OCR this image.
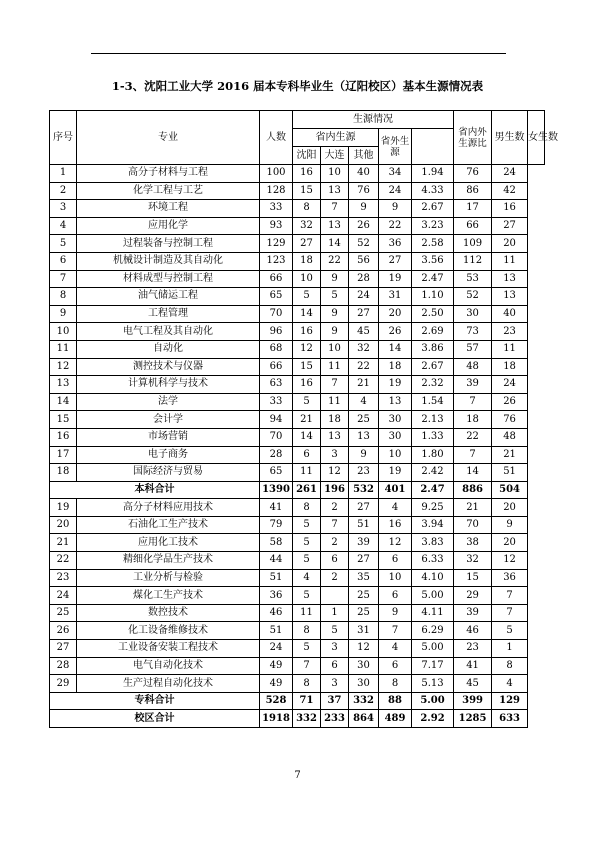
1-3、沈阳工业大学 2016 届本专科毕业生（辽阳校区）基本生源情况表
序号	专业	人数	生源情况					省内外生源比	男生数	女生数
			省内生源			省外生源				
			沈阳	大连	其他					
1	高分子材料与工程	100	16	10	40	34	1.94	76	24	
2	化学工程与工艺	128	15	13	76	24	4.33	86	42	
3	环境工程	33	8	7	9	9	2.67	17	16	
4	应用化学	93	32	13	26	22	3.23	66	27	
5	过程装备与控制工程	129	27	14	52	36	2.58	109	20	
6	机械设计制造及其自动化	123	18	22	56	27	3.56	112	11	
7	材料成型与控制工程	66	10	9	28	19	2.47	53	13	
8	油气储运工程	65	5	5	24	31	1.10	52	13	
9	工程管理	70	14	9	27	20	2.50	30	40	
10	电气工程及其自动化	96	16	9	45	26	2.69	73	23	
11	自动化	68	12	10	32	14	3.86	57	11	
12	测控技术与仪器	66	15	11	22	18	2.67	48	18	
13	计算机科学与技术	63	16	7	21	19	2.32	39	24	
14	法学	33	5	11	4	13	1.54	7	26	
15	会计学	94	21	18	25	30	2.13	18	76	
16	市场营销	70	14	13	13	30	1.33	22	48	
17	电子商务	28	6	3	9	10	1.80	7	21	
18	国际经济与贸易	65	11	12	23	19	2.42	14	51	
本科合计		1390	261	196	532	401	2.47	886	504	
19	高分子材料应用技术	41	8	2	27	4	9.25	21	20	
20	石油化工生产技术	79	5	7	51	16	3.94	70	9	
21	应用化工技术	58	5	2	39	12	3.83	38	20	
22	精细化学品生产技术	44	5	6	27	6	6.33	32	12	
23	工业分析与检验	51	4	2	35	10	4.10	15	36	
24	煤化工生产技术	36	5		25	6	5.00	29	7	
25	数控技术	46	11	1	25	9	4.11	39	7	
26	化工设备维修技术	51	8	5	31	7	6.29	46	5	
27	工业设备安装工程技术	24	5	3	12	4	5.00	23	1	
28	电气自动化技术	49	7	6	30	6	7.17	41	8	
29	生产过程自动化技术	49	8	3	30	8	5.13	45	4	
专科合计		528	71	37	332	88	5.00	399	129	
校区合计		1918	332	233	864	489	2.92	1285	633	
7
